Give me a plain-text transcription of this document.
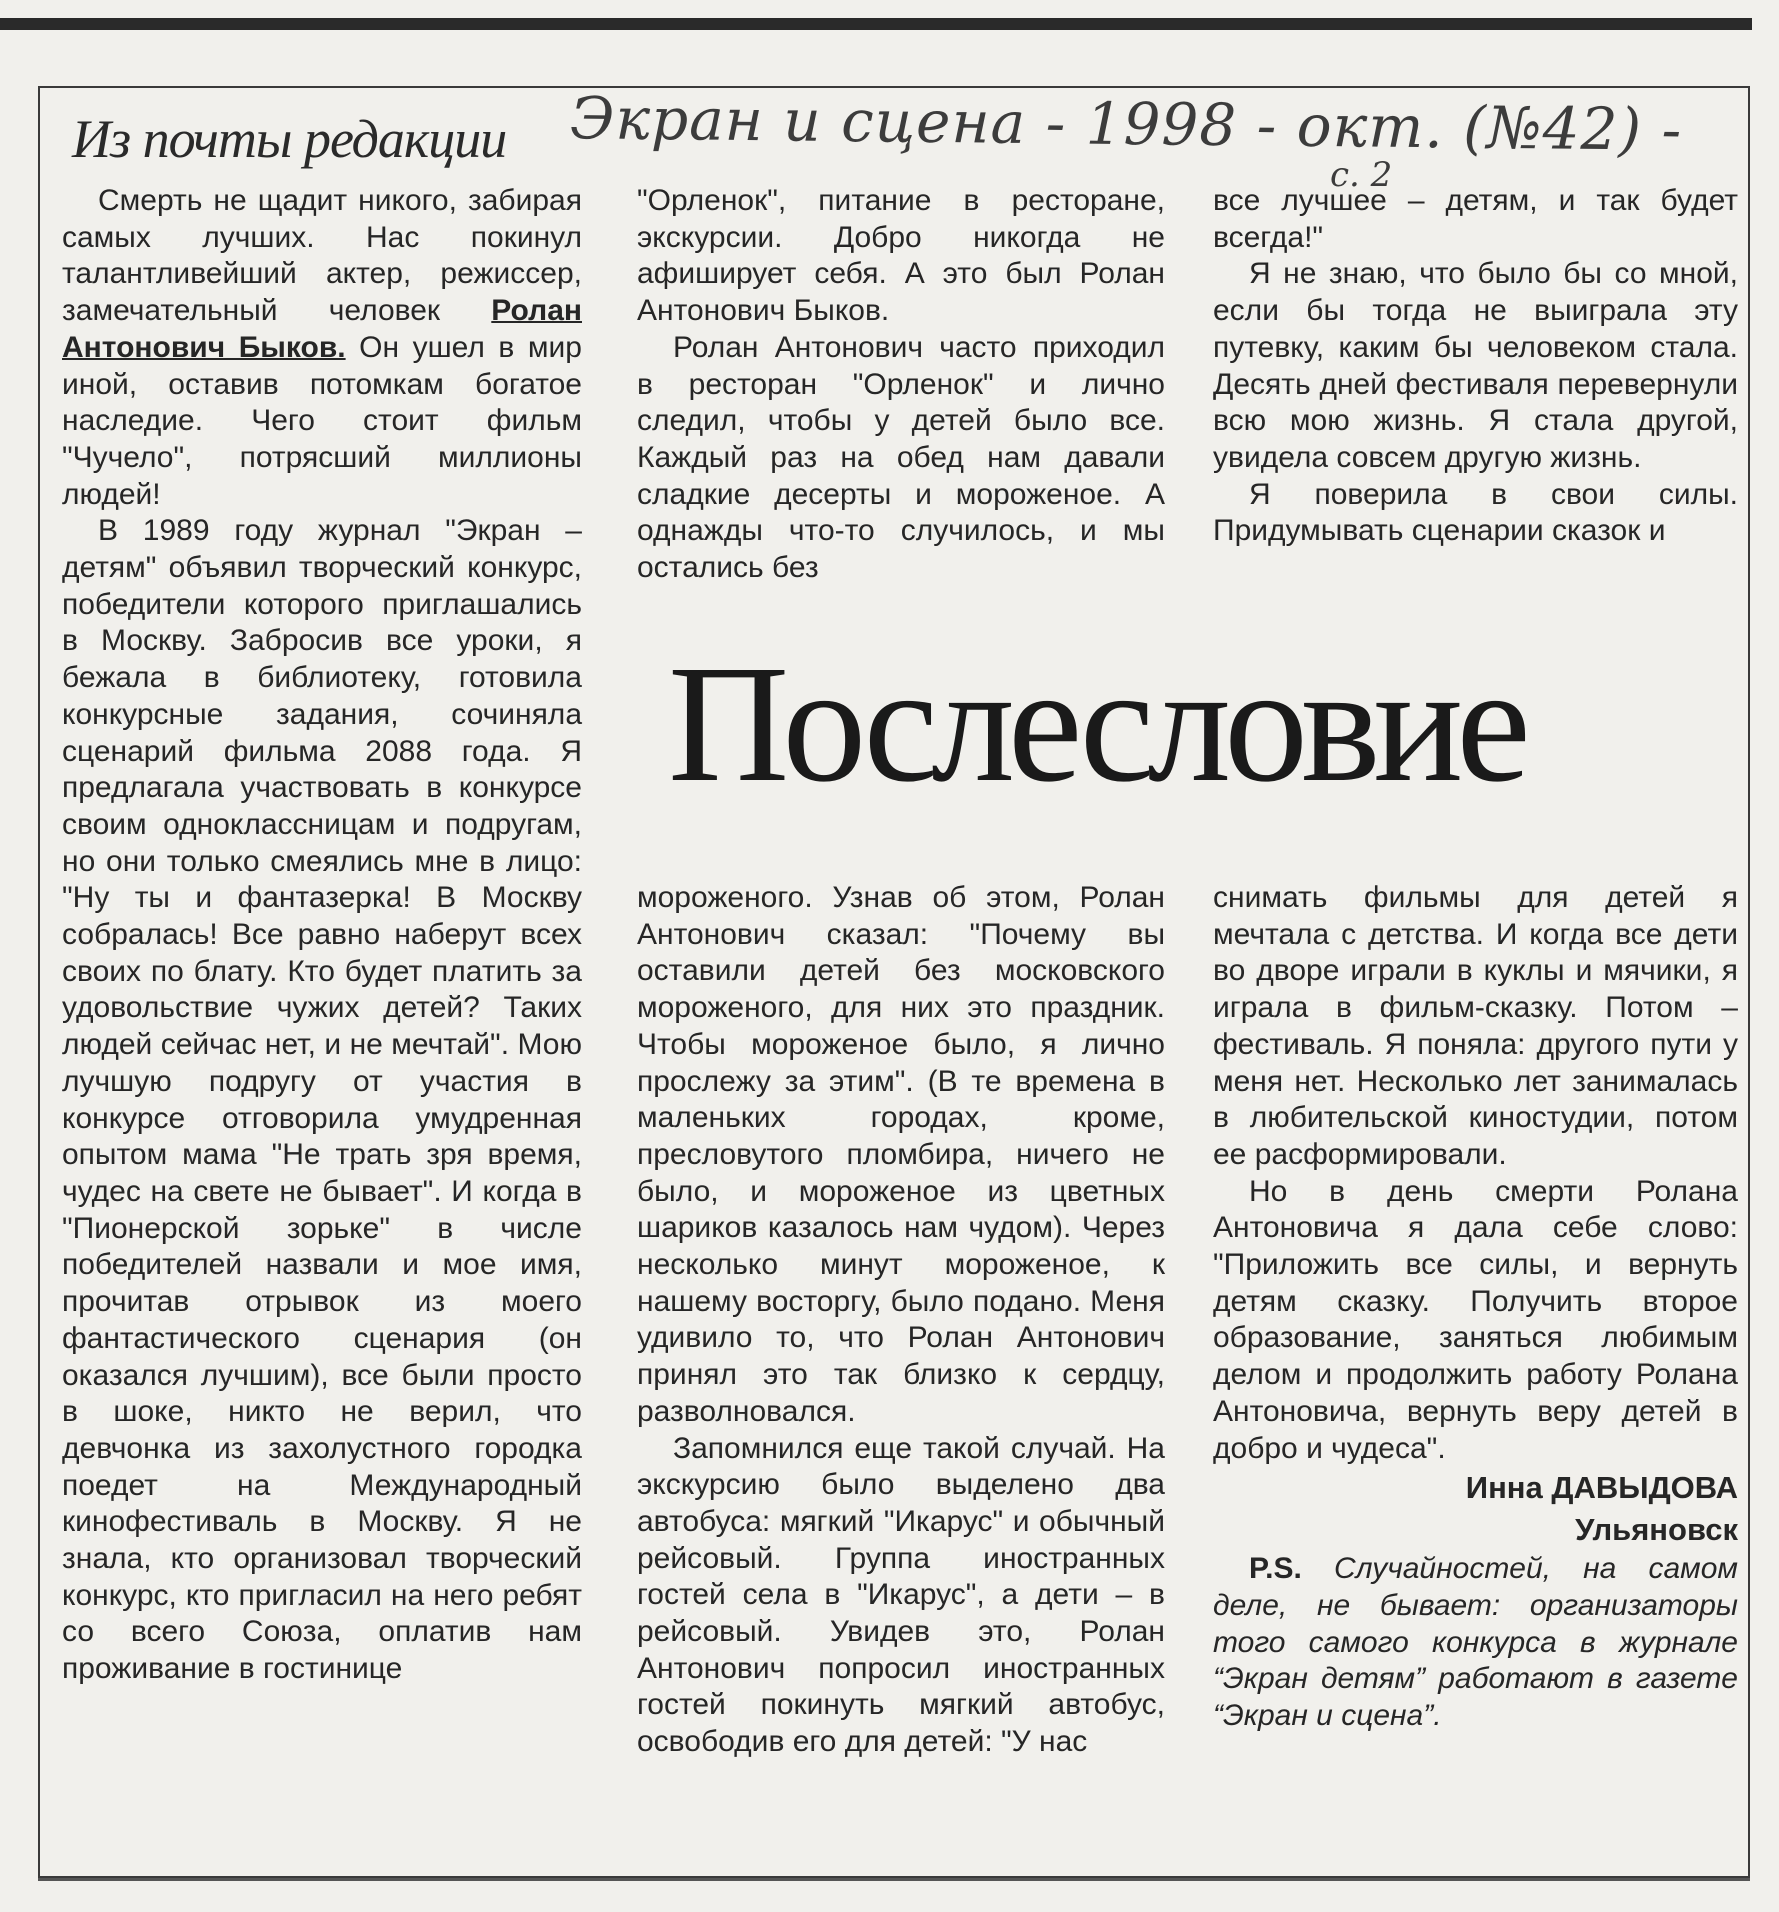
Из почты редакции Экран и сцена - 1998 - окт. (№42) -
с. 2
Послесловие

Смерть не щадит никого, забирая самых лучших. Нас покинул талантливейший актер, режиссер, замечательный человек Ролан Антонович Быков. Он ушел в мир иной, оставив потомкам богатое наследие. Чего стоит фильм "Чучело", потрясший миллионы людей!

В 1989 году журнал "Экран – детям" объявил творческий конкурс, победители которого приглашались в Москву. Забросив все уроки, я бежала в библиотеку, готовила конкурсные задания, сочиняла сценарий фильма 2088 года. Я предлагала участвовать в конкурсе своим одноклассницам и подругам, но они только смеялись мне в лицо: "Ну ты и фантазерка! В Москву собралась! Все равно наберут всех своих по блату. Кто будет платить за удовольствие чужих детей? Таких людей сейчас нет, и не мечтай". Мою лучшую подругу от участия в конкурсе отговорила умудренная опытом мама "Не трать зря время, чудес на свете не бывает". И когда в "Пионерской зорьке" в числе победителей назвали и мое имя, прочитав отрывок из моего фантастического сценария (он оказался лучшим), все были просто в шоке, никто не верил, что девчонка из захолустного городка поедет на Международный кинофестиваль в Москву. Я не знала, кто организовал творческий конкурс, кто пригласил на него ребят со всего Союза, оплатив нам проживание в гостинице

"Орленок", питание в ресторане, экскурсии. Добро никогда не афиширует себя. А это был Ролан Антонович Быков.

Ролан Антонович часто приходил в ресторан "Орленок" и лично следил, чтобы у детей было все. Каждый раз на обед нам давали сладкие десерты и мороженое. А однажды что-то случилось, и мы остались без

мороженого. Узнав об этом, Ролан Антонович сказал: "Почему вы оставили детей без московского мороженого, для них это праздник. Чтобы мороженое было, я лично прослежу за этим". (В те времена в маленьких городах, кроме, пресловутого пломбира, ничего не было, и мороженое из цветных шариков казалось нам чудом). Через несколько минут мороженое, к нашему восторгу, было подано. Меня удивило то, что Ролан Антонович принял это так близко к сердцу, разволновался.

Запомнился еще такой случай. На экскурсию было выделено два автобуса: мягкий "Икарус" и обычный рейсовый. Группа иностранных гостей села в "Икарус", а дети – в рейсовый. Увидев это, Ролан Антонович попросил иностранных гостей покинуть мягкий автобус, освободив его для детей: "У нас

все лучшее – детям, и так будет всегда!"

Я не знаю, что было бы со мной, если бы тогда не выиграла эту путевку, каким бы человеком стала. Десять дней фестиваля перевернули всю мою жизнь. Я стала другой, увидела совсем другую жизнь.

Я поверила в свои силы. Придумывать сценарии сказок и

снимать фильмы для детей я мечтала с детства. И когда все дети во дворе играли в куклы и мячики, я играла в фильм-сказку. Потом – фестиваль. Я поняла: другого пути у меня нет. Несколько лет занималась в любительской киностудии, потом ее расформировали.

Но в день смерти Ролана Антоновича я дала себе слово: "Приложить все силы, и вернуть детям сказку. Получить второе образование, заняться любимым делом и продолжить работу Ролана Антоновича, вернуть веру детей в добро и чудеса".

Инна ДАВЫДОВА
Ульяновск

P.S. Случайностей, на самом деле, не бывает: организаторы того самого конкурса в журнале “Экран детям” работают в газете “Экран и сцена”.
